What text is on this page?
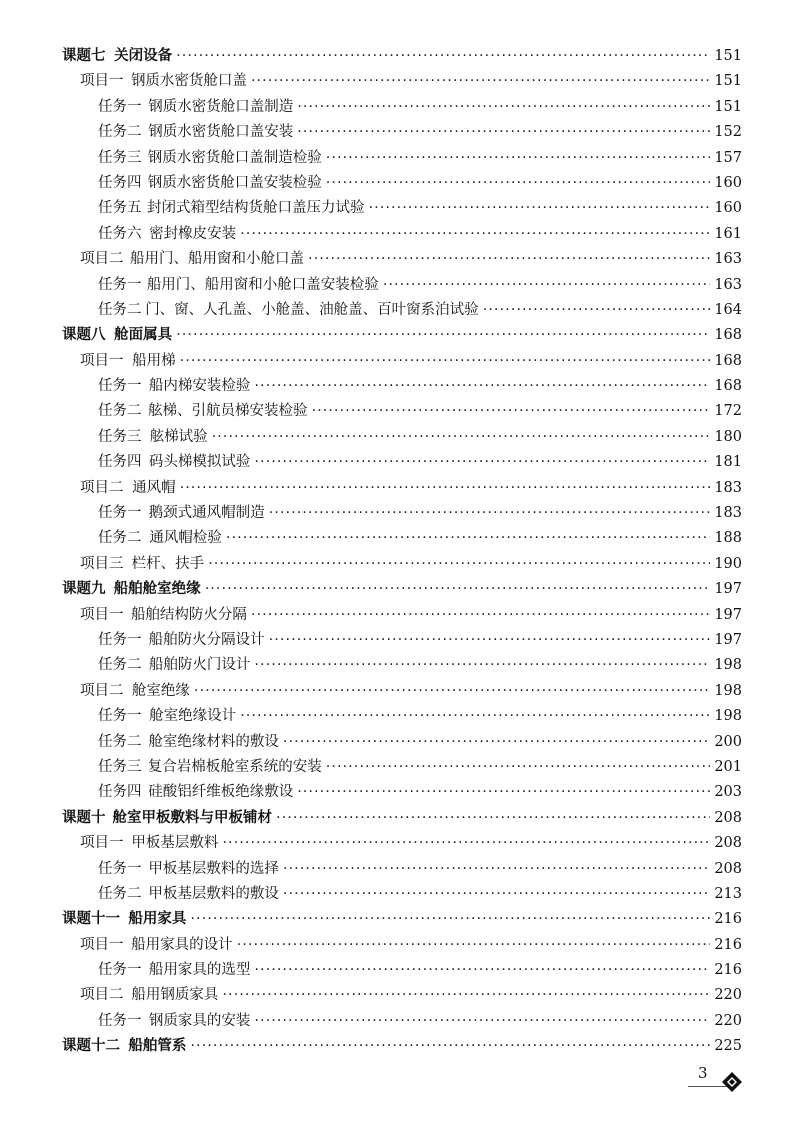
课题七 关闭设备 ·····	151
项目一 钢质水密货舱口盖 ·····	151
任务一 钢质水密货舱口盖制造 ·····	151
任务二 钢质水密货舱口盖安装 ·····	152
任务三 钢质水密货舱口盖制造检验 ·····	157
任务四 钢质水密货舱口盖安装检验 ·····	160
任务五 封闭式箱型结构货舱口盖压力试验 ·····	160
任务六 密封橡皮安装 ·····	161
项目二 船用门、船用窗和小舱口盖 ·····	163
任务一 船用门、船用窗和小舱口盖安装检验 ·····	163
任务二 门、窗、人孔盖、小舱盖、油舱盖、百叶窗系泊试验 ·····	164
课题八 舱面属具 ·····	168
项目一 船用梯 ·····	168
任务一 船内梯安装检验 ·····	168
任务二 舷梯、引航员梯安装检验 ·····	172
任务三 舷梯试验 ·····	180
任务四 码头梯模拟试验 ·····	181
项目二 通风帽 ·····	183
任务一 鹅颈式通风帽制造 ·····	183
任务二 通风帽检验 ·····	188
项目三 栏杆、扶手 ·····	190
课题九 船舶舱室绝缘 ·····	197
项目一 船舶结构防火分隔 ·····	197
任务一 船舶防火分隔设计 ·····	197
任务二 船舶防火门设计 ·····	198
项目二 舱室绝缘 ·····	198
任务一 舱室绝缘设计 ·····	198
任务二 舱室绝缘材料的敷设 ·····	200
任务三 复合岩棉板舱室系统的安装 ·····	201
任务四 硅酸铝纤维板绝缘敷设 ·····	203
课题十 舱室甲板敷料与甲板铺材 ·····	208
项目一 甲板基层敷料 ·····	208
任务一 甲板基层敷料的选择 ·····	208
任务二 甲板基层敷料的敷设 ·····	213
课题十一 船用家具 ·····	216
项目一 船用家具的设计 ·····	216
任务一 船用家具的选型 ·····	216
项目二 船用钢质家具 ·····	220
任务一 钢质家具的安装 ·····	220
课题十二 船舶管系 ·····	225
3
